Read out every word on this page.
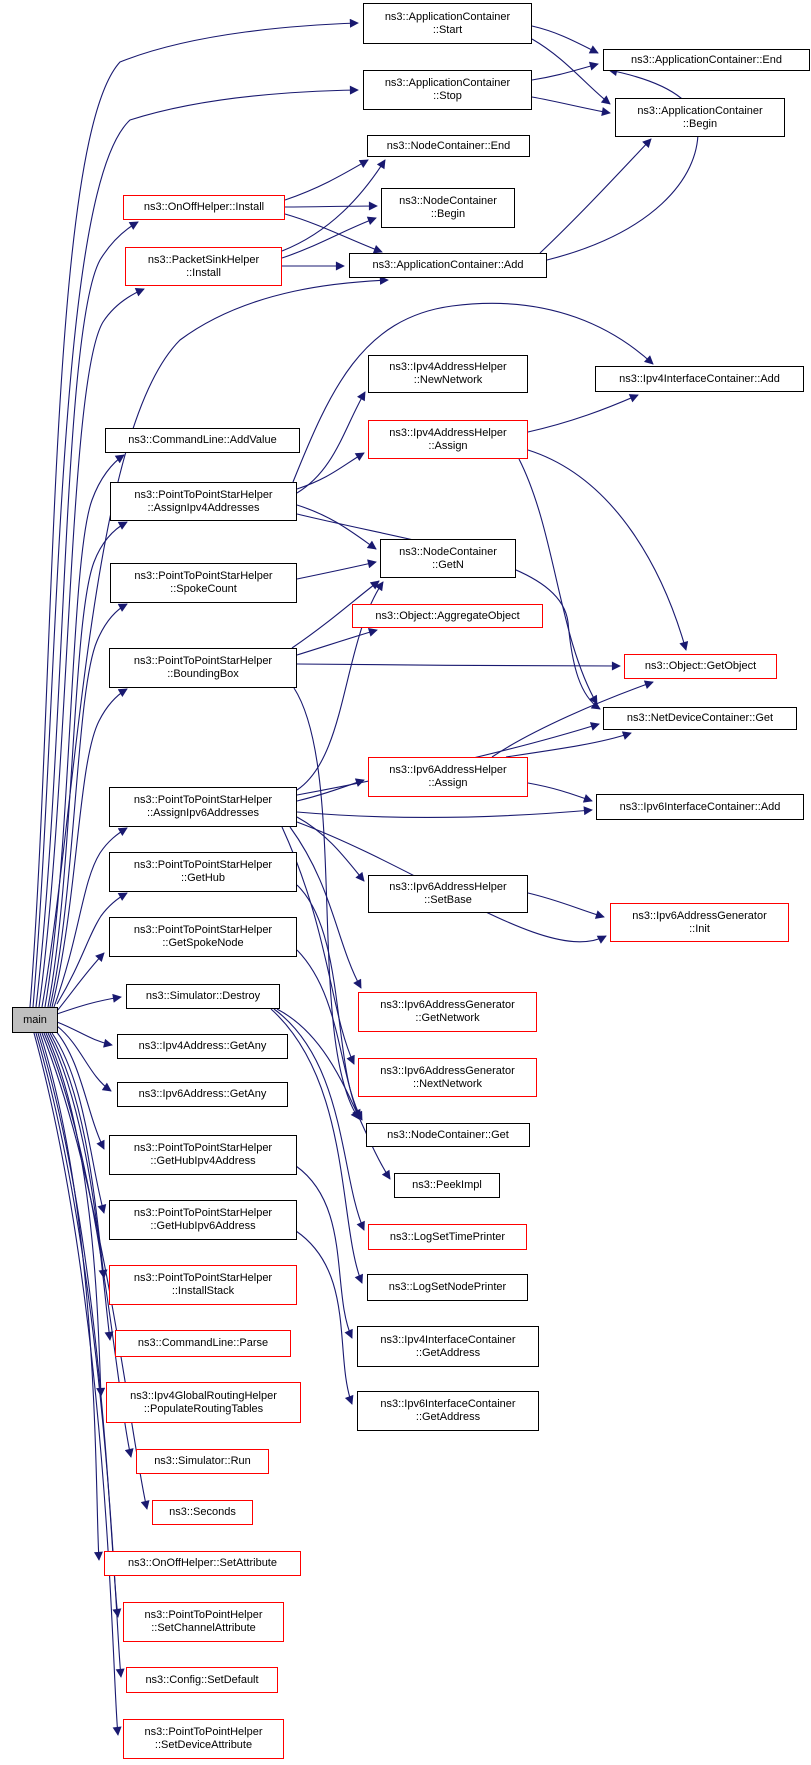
main
ns3::ApplicationContainer
::Start
ns3::ApplicationContainer
::Stop
ns3::NodeContainer::End
ns3::NodeContainer
::Begin
ns3::OnOffHelper::Install
ns3::PacketSinkHelper
::Install
ns3::ApplicationContainer::Add
ns3::Ipv4AddressHelper
::NewNetwork	ns3::Ipv4InterfaceContainer::Add
ns3::Ipv4AddressHelper
::Assign
ns3::CommandLine::AddValue
ns3::PointToPointStarHelper
::AssignIpv4Addresses
ns3::NodeContainer
::GetN
ns3::PointToPointStarHelper
::SpokeCount
ns3::Object::AggregateObject
ns3::PointToPointStarHelper
::BoundingBox
ns3::Object::GetObject
ns3::NetDeviceContainer::Get
ns3::Ipv6AddressHelper
::Assign
ns3::PointToPointStarHelper
::AssignIpv6Addresses
ns3::Ipv6InterfaceContainer::Add
ns3::PointToPointStarHelper
::GetHub
ns3::Ipv6AddressHelper
::SetBase
ns3::Ipv6AddressGenerator
::Init
ns3::PointToPointStarHelper
::GetSpokeNode
ns3::Simulator::Destroy
ns3::Ipv6AddressGenerator
::GetNetwork
ns3::Ipv4Address::GetAny
ns3::Ipv6AddressGenerator
::NextNetwork
ns3::Ipv6Address::GetAny
ns3::NodeContainer::Get
ns3::PointToPointStarHelper
::GetHubIpv4Address
ns3::PeekImpl
ns3::PointToPointStarHelper
::GetHubIpv6Address
ns3::LogSetTimePrinter
ns3::PointToPointStarHelper
::InstallStack	ns3::LogSetNodePrinter
ns3::Ipv4InterfaceContainer
::GetAddress
ns3::CommandLine::Parse
ns3::Ipv4GlobalRoutingHelper
::PopulateRoutingTables	ns3::Ipv6InterfaceContainer
::GetAddress
ns3::Simulator::Run
ns3::Seconds
ns3::OnOffHelper::SetAttribute
ns3::PointToPointHelper
::SetChannelAttribute
ns3::Config::SetDefault
ns3::PointToPointHelper
::SetDeviceAttribute
ns3::ApplicationContainer::End
ns3::ApplicationContainer
::Begin
